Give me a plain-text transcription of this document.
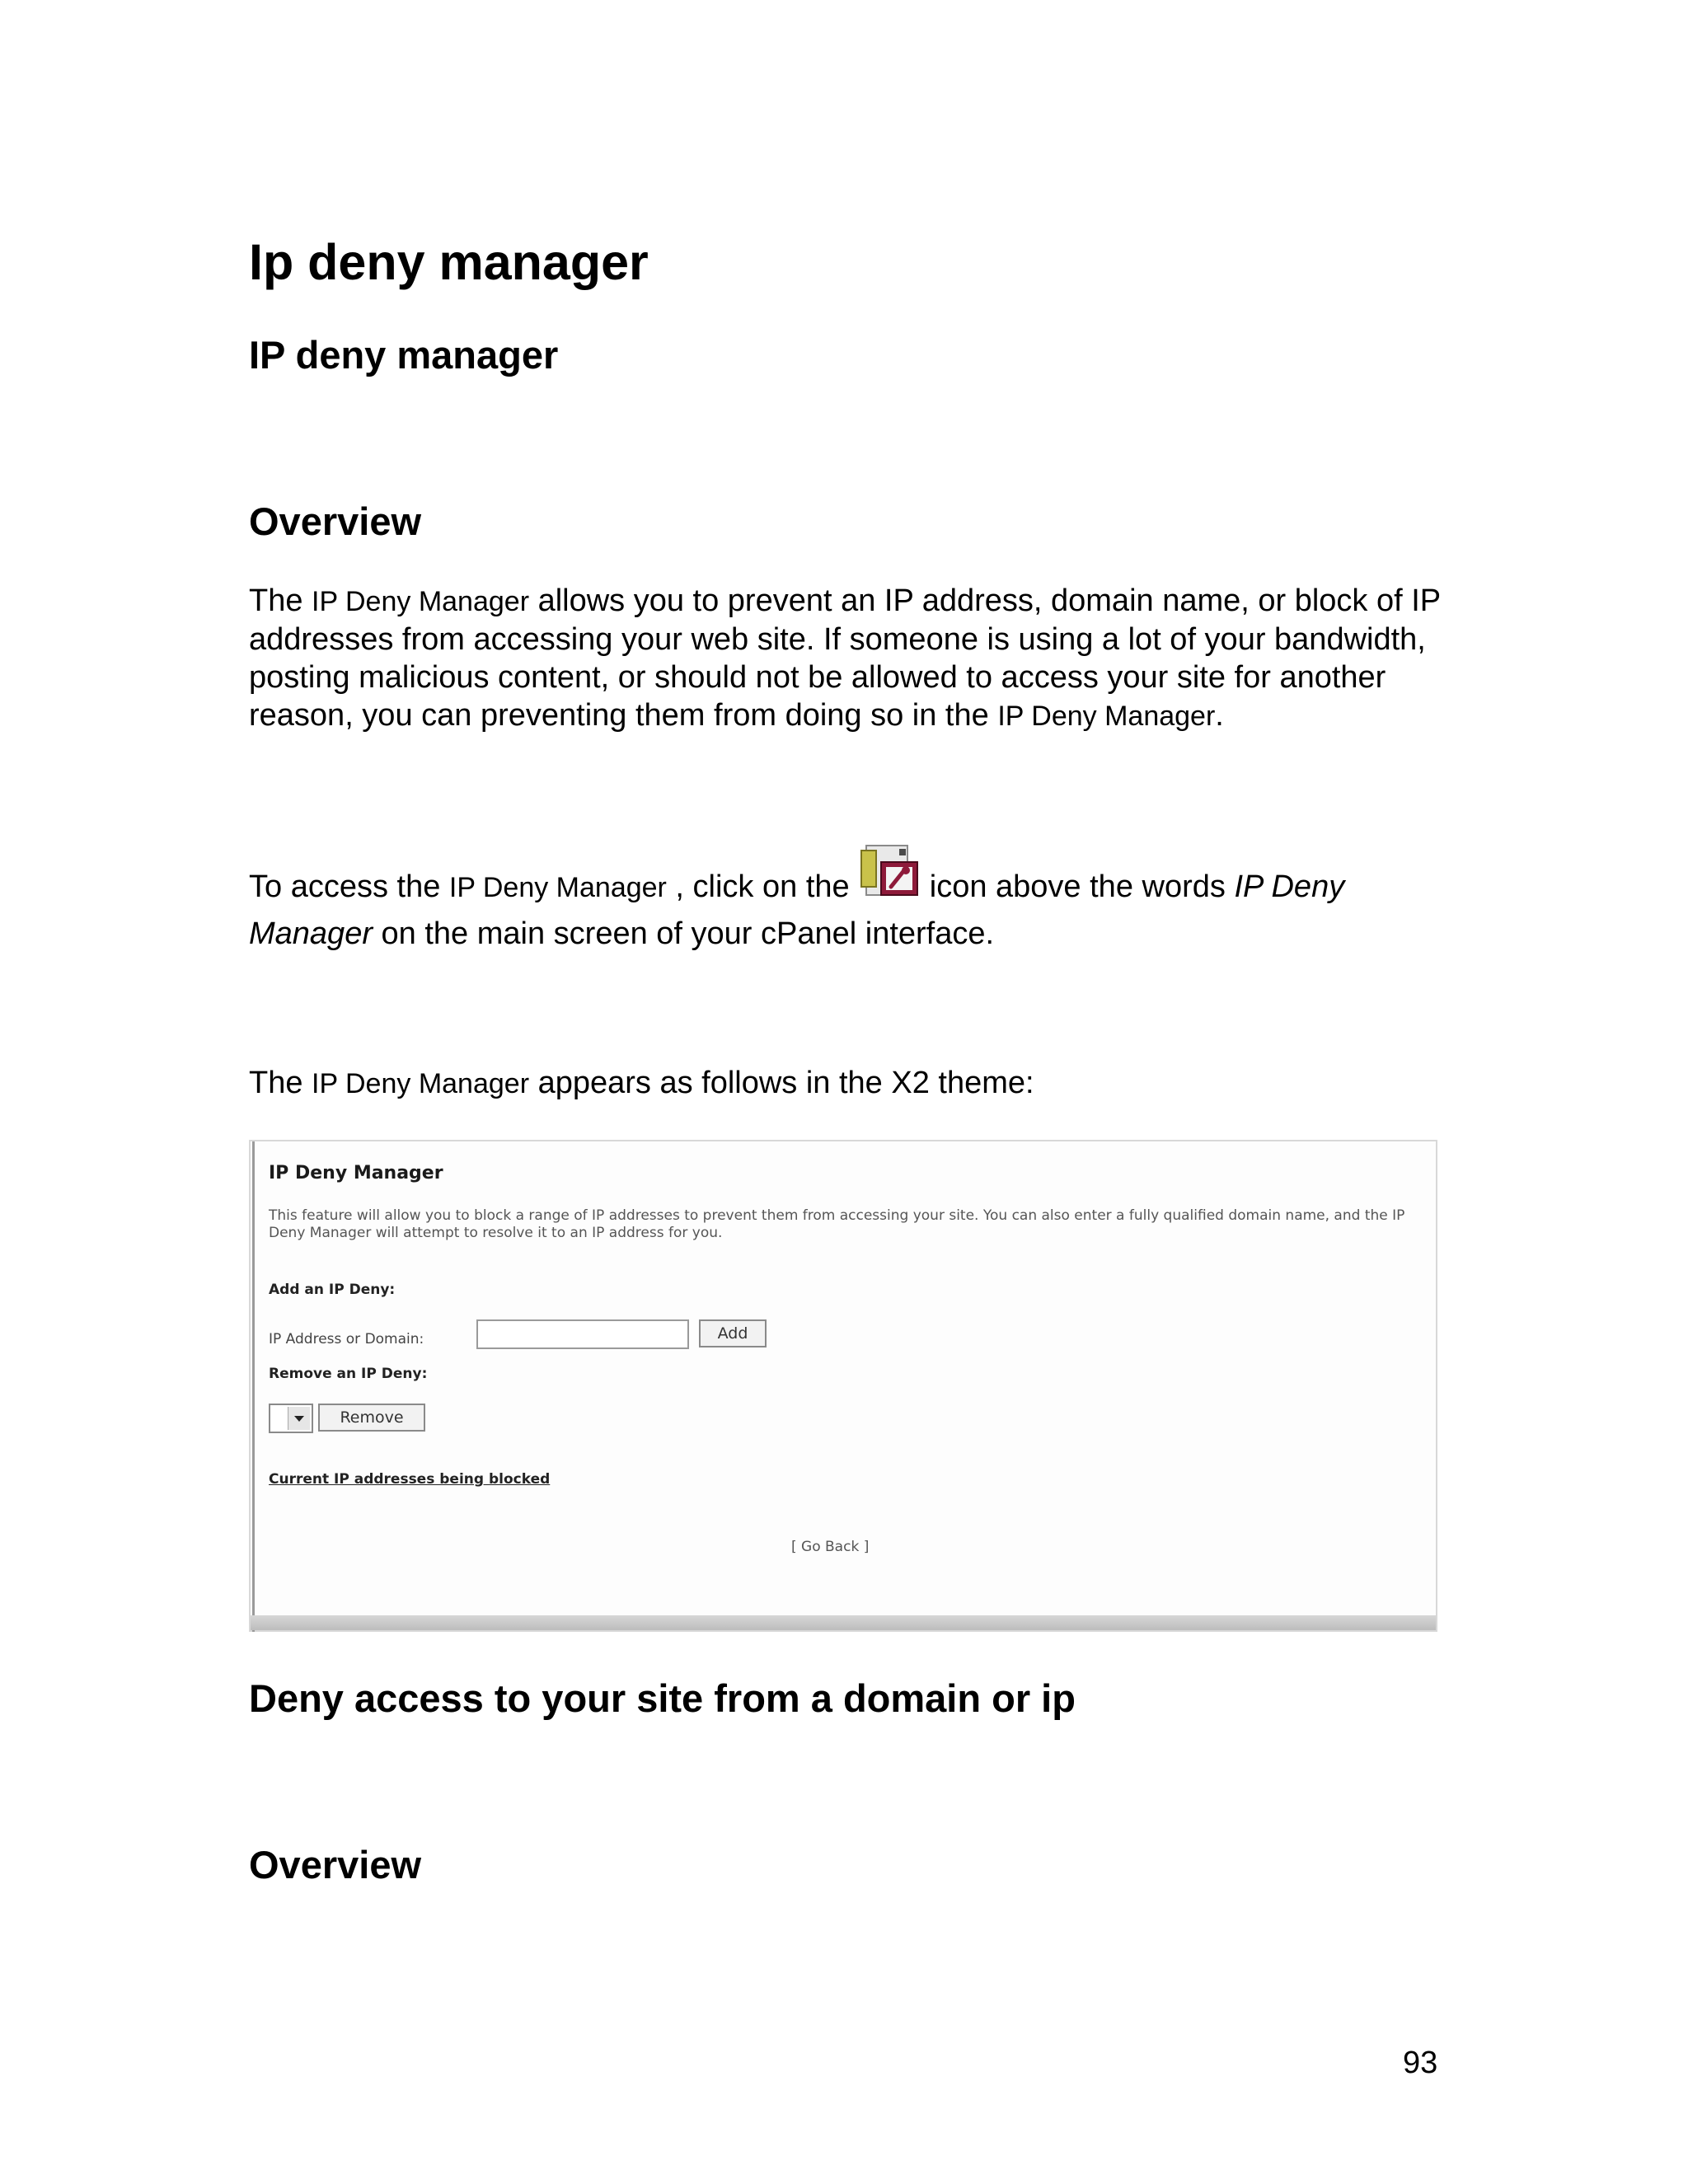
Ip deny manager
IP deny manager
Overview

The IP Deny Manager allows you to prevent an IP address, domain name, or block of IP addresses from accessing your web site. If someone is using a lot of your bandwidth, posting malicious content, or should not be allowed to access your site for another reason, you can preventing them from doing so in the IP Deny Manager.

To access the IP Deny Manager , click on the  icon above the words IP Deny
Manager on the main screen of your cPanel interface.
The IP Deny Manager appears as follows in the X2 theme:
IP Deny Manager
This feature will allow you to block a range of IP addresses to prevent them from accessing your site. You can also enter a fully qualified domain name, and the IP Deny Manager will attempt to resolve it to an IP address for you.
Add an IP Deny:
IP Address or Domain:	Add
Remove an IP Deny:
Remove
Current IP addresses being blocked
[ Go Back ]
Deny access to your site from a domain or ip
Overview
93
